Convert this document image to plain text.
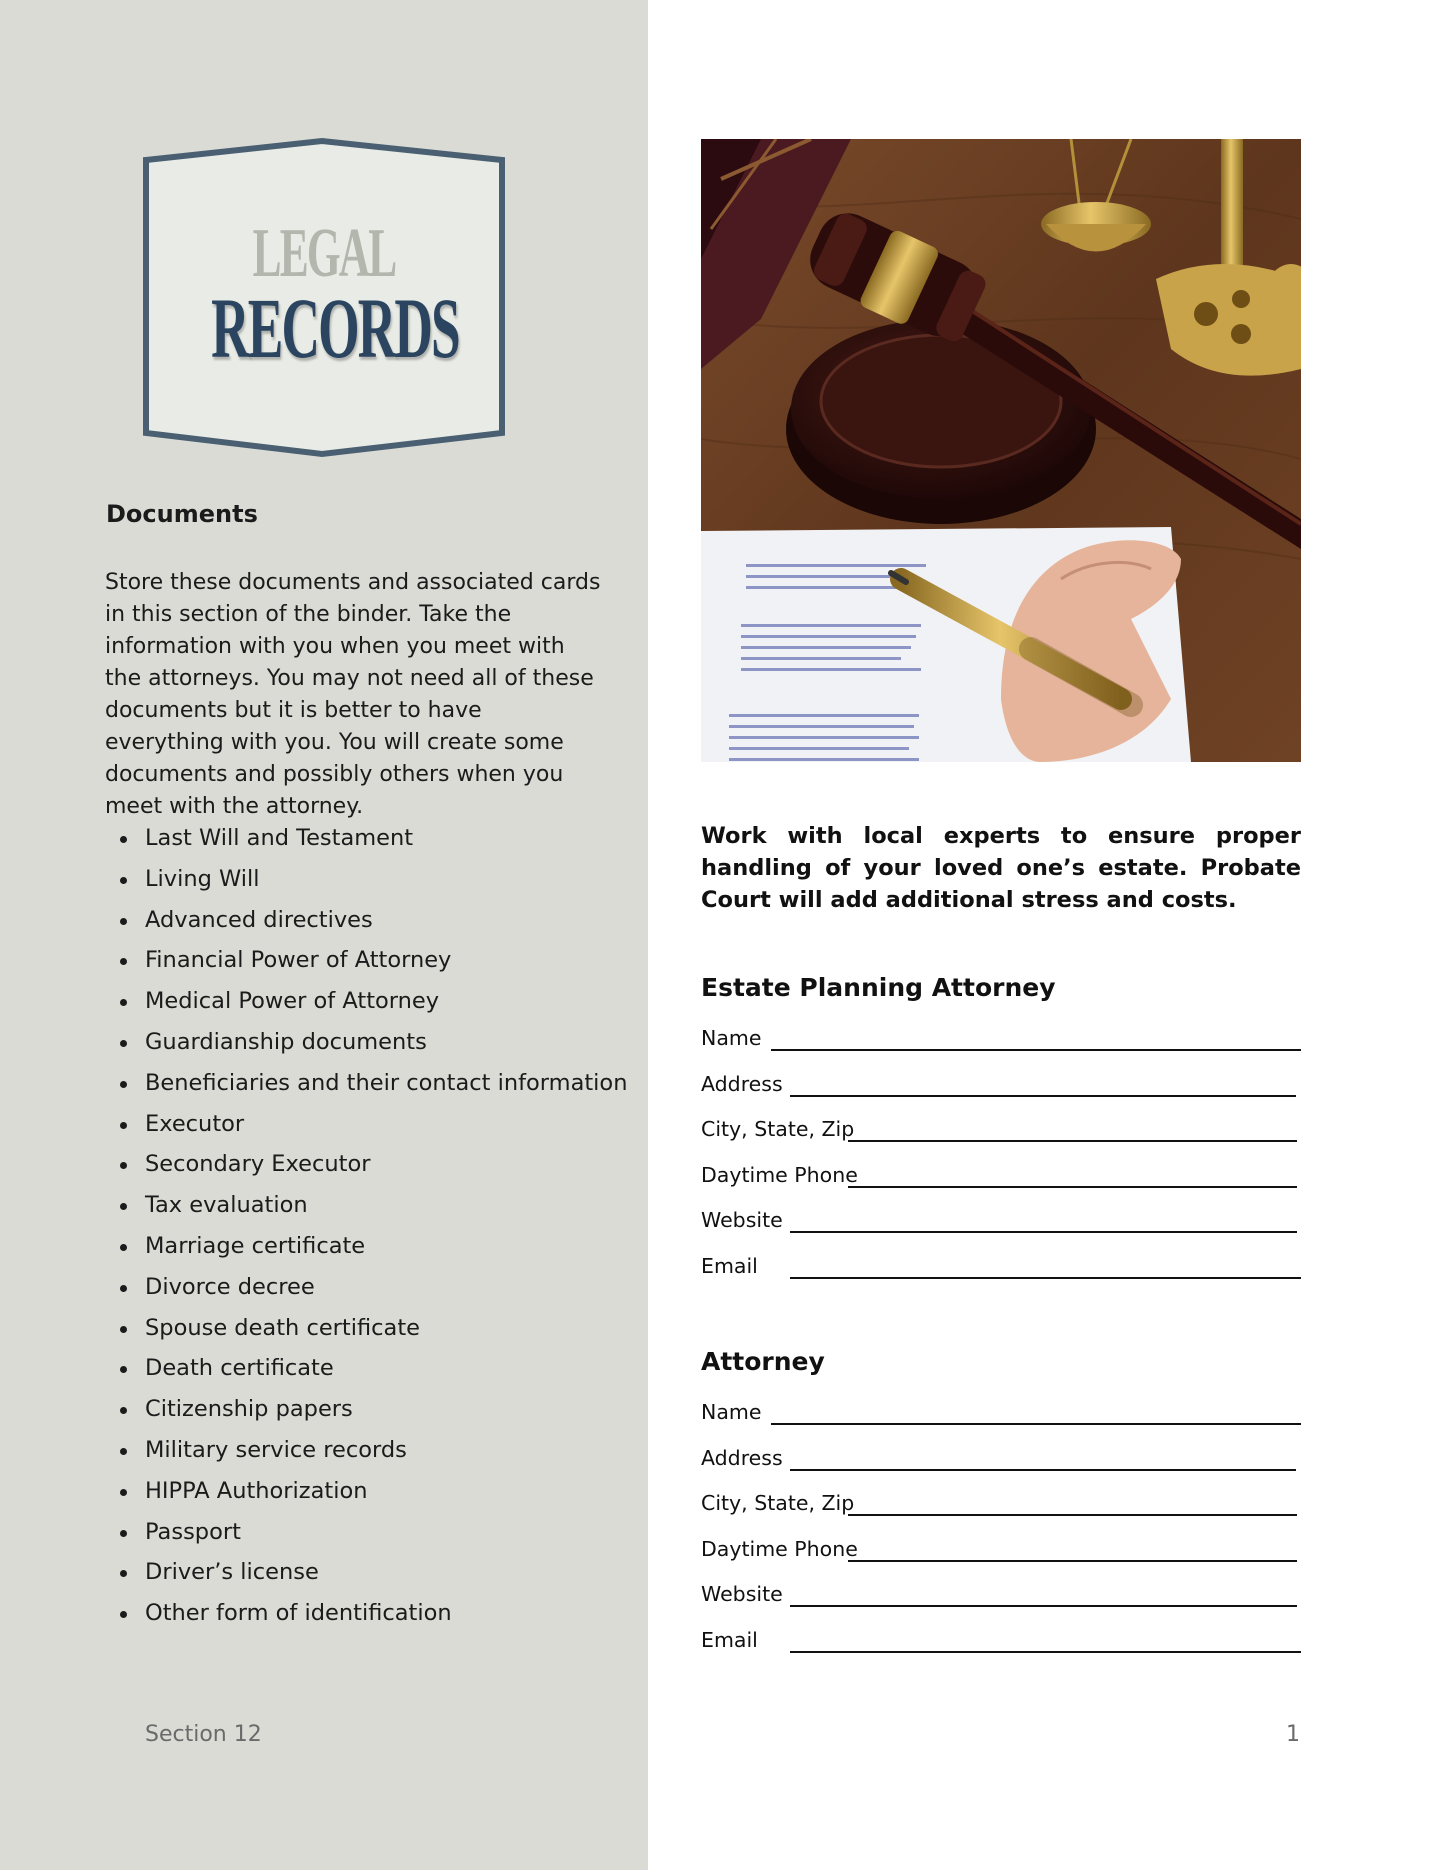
LEGAL
RECORDS
Documents
Store these documents and associated cards in this section of the binder. Take the information with you when you meet with the attorneys. You may not need all of these documents but it is better to have everything with you. You will create some documents and possibly others when you meet with the attorney.
Last Will and Testament
Living Will
Advanced directives
Financial Power of Attorney
Medical Power of Attorney
Guardianship documents
Beneficiaries and their contact information
Executor
Secondary Executor
Tax evaluation
Marriage certificate
Divorce decree
Spouse death certificate
Death certificate
Citizenship papers
Military service records
HIPPA Authorization
Passport
Driver’s license
Other form of identification
Section 12
Work with local experts to ensure proper handling of your loved one’s estate. Probate Court will add additional stress and costs.
Estate Planning Attorney
Name
Address
City, State, Zip
Daytime Phone
Website
Email
Attorney
Name
Address
City, State, Zip
Daytime Phone
Website
Email
1
